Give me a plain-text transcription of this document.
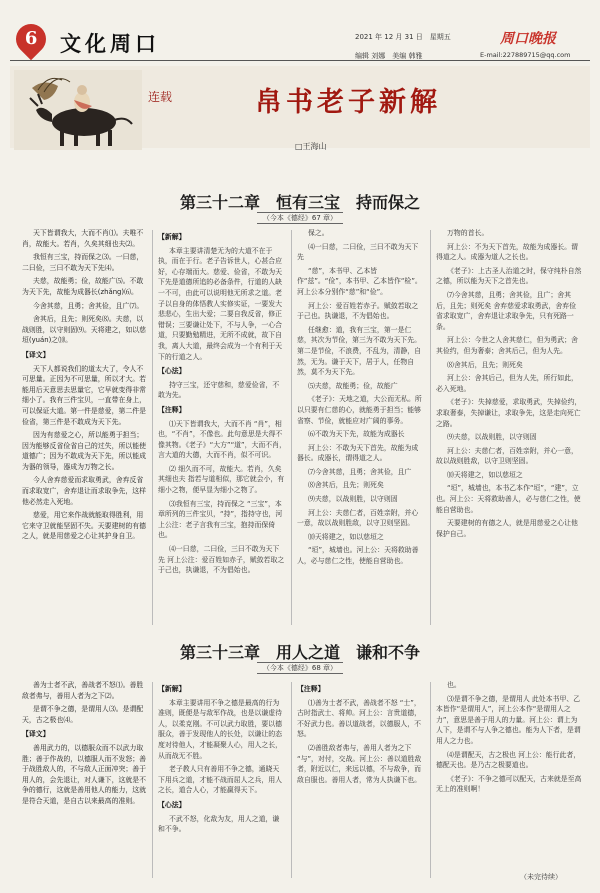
6	文化周口	2021 年 12 月 31 日　星期五
编辑 刘娜　美编 韩雅
周口晚报
E-mail:227889715@qq.com
连载	帛书老子新解
□王海山
第三十二章　恒有三宝　持而保之
（今本《德经》67 章）

天下皆谓我大，大而不肖⑴。夫唯不肖，故能大。若肖，久矣其细也夫⑵。

我恒有三宝，持而保之⑶。一曰慈，二曰俭，三曰不敢为天下先⑷。

夫慈，故能勇；俭，故能广⑸。不敢为天下先，故能为成器长(zhǎng)⑹。

今舍其慈，且勇；舍其俭，且广⑺。

舍其后，且先；则死矣⑻。夫慈，以战则胜，以守则固⑼。天将建之，如以慈垣(yuán)之⑽。

【译文】

天下人都说我们的道太大了，令人不可思量。正因为不可思量，所以才大。若能用后天意思去思量它，它早就变得非常细小了。我有三件宝贝，一直带在身上，可以保证大道。第一件是慈爱，第二件是俭省，第三件是不敢成为天下先。

因为有慈爱之心，所以能勇于担当；因为能够反省俭省自己的过失，所以能使道德广；因为不敢成为天下先，所以能成为器的领导，器成为万物之长。

今人舍弃慈爱而求取勇武，舍弃反省而求取宽广，舍弃退让而求取争先，这样他必然走入死地。

慈爱，用它来作战就能取得胜利，用它来守卫就能坚固不失。天要建树的有德之人，就是用慈爱之心让其护身自卫。

【新解】

本章主要讲清楚无为的大道不在于执，而在于行。老子告诉世人，心甚合应好，心存端而大。慈爱、俭省，不敢为天下先是道德所追的必备条件，行道的人缺一不可，由此可以说明他无所求之道。老子以自身的体悟教人实修实证，一要发大悲悲心，生出大爱；二要自我反省，修正错误；三要谦让处下，不与人争，一心合道，只要勤勉精进，无所不成就，故下自我，离人大道，最终会成为一个有利于天下的行道之人。

【心法】

持守三宝，还守慈和，慈爱俭省，不敢为先。

【注释】

⑴天下皆谓我大，大而不肖 “肖”，相也，“不肖”，不像也。此句意思是大得不像其物。《老子》“大方”“道”，大而不肖，言大道的大德，大而不肖，似不可识。

⑵ 细久而不可，故能大。若肖，久矣其细也夫 指若与道相似，那它就会小，有细小之物，便早显为细小之物了。

⑶我恒有三宝，持而保之 “三宝”，本章所列的三件宝贝，“持”，指持守也，河上公注：老子言我有三宝，抱持而保倚也。

⑷一曰慈，二曰俭，三曰不敢为天下先 河上公注：爱百姓如赤子，赋敛若取之于己也，执谦退，不为倡始也。

保之。

⑷一曰慈，二曰俭，三曰不敢为天下先

“慈”，本书甲、乙本皆作“兹”。“俭”，本书甲、乙本皆作“检”。河上公本分别作“慈”和“俭”。

河上公：爱百姓若赤子。赋敛若取之于己也。执谦退，不为倡始也。

任继愈：道，我有三宝，第一是仁慈，其次为节俭，第三为不敢为天下先。第二是节俭，不浪费，不乱为，清静，自然，无为。谦于天下，居于人，任物自然，莫不为天下先。

⑸夫慈，故能勇；俭，故能广

《老子》：天地之道，大公而无私。所以只要有仁慈的心，就能勇于担当；能够省察、节俭，就能应对广阔的事务。

⑹不敢为天下先，故能为成器长

河上公：不敢为天下首先，故能为成器长。成器长，谓得道之人。

⑺今舍其慈，且勇；舍其俭，且广

⑻舍其后，且先；则死矣

⑼夫慈，以战则胜，以守则固

河上公：夫慈仁者，百姓亲附，并心一意，故以战则胜敌，以守卫则坚固。

⑽天将建之，如以慈垣之

“垣”，城墙也。河上公：天将救助善人，必与慈仁之性，使能自营助也。

万物的首长。

河上公：不为天下首先，故能为成器长。谓得道之人。成器为道人之长也。

《老子》：上古圣人治道之时，保守纯朴自然之德，所以能为天下之首先也。

⑺今舍其慈，且勇；舍其俭，且广；舍其后，且先；则死矣 舍弃慈爱求取勇武，舍弃俭省求取宽广，舍弃退让求取争先，只有死路一条。

河上公：今世之人舍其慈仁，但为勇武；舍其俭约，但为奢泰；舍其后己，但为人先。

⑻舍其后，且先；则死矣

河上公：舍其后己，但为人先，所行如此，必入死地。

《老子》：失掉慈爱，求取勇武，失掉俭约，求取奢泰，失掉谦让，求取争先，这是走向死亡之路。

⑼夫慈，以战则胜，以守则固

河上公：夫慈仁者，百姓亲附，并心一意，故以战则胜敌，以守卫则坚固。

⑽天将建之，如以慈垣之

“垣”，城墙也，本书乙本作“垣”，“建”，立也。河上公：天将救助善人，必与慈仁之性，使能自营助也。

天要建树的有德之人，就是用慈爱之心让他保护自己。

第三十三章　用人之道　谦和不争
（今本《德经》68 章）

善为士者不武，善战者不怒⑴。善胜敌者弗与，善用人者为之下⑵。

是谓不争之德，是谓用人⑶。是谓配天，古之极也⑷。

【译文】

善用武力的，以德服众而不以武力取胜；善于作战的，以德服人而不发怒；善于战胜敌人的，不与敌人正面冲突；善于用人的，会先退让，对人谦下，这就是不争的德行，这就是善用他人的能力，这就是符合天道，是自古以来最高的准则。

【新解】

本章主要讲用不争之德是最高的行为准则，既便是与敌军作战，也是以谦虚待人，以柔克刚。不可以武力取胜，要以德服众，善于发现他人的长处，以谦让的态度对待他人，才能凝聚人心，用人之长，从而战无不胜。

老子教人只有善用不争之德，通晓天下用兵之道，才能不战而屈人之兵，用人之长，道合人心，才能赢得天下。

【心法】

不武不怒，化敌为友，用人之道，谦和不争。

【注释】

⑴善为士者不武，善战者不怒 “士”，古时指武士、将帅。河上公：言贵道德，不好武力也。善以道战者，以德服人，不怒。

⑵善胜敌者弗与，善用人者为之下 “与”，对付，交战。河上公：善以道胜敌者，附近以仁，来远以德，不与敌争，而敌自服也。善用人者，常为人执谦下也。

也。

⑶是谓不争之德，是谓用人 此处本书甲、乙本皆作“是谓用人”，河上公本作“是谓用人之力”，意思是善于用人的力量。河上公：谓上为人下，是谓不与人争之德也。能为人下者，是谓用人之力也。

⑷是谓配天，古之极也 河上公：能行此者，德配天也。是乃古之极要道也。

《老子》：不争之德可以配天，古来就是至高无上的准则啊！

（未完待续）
